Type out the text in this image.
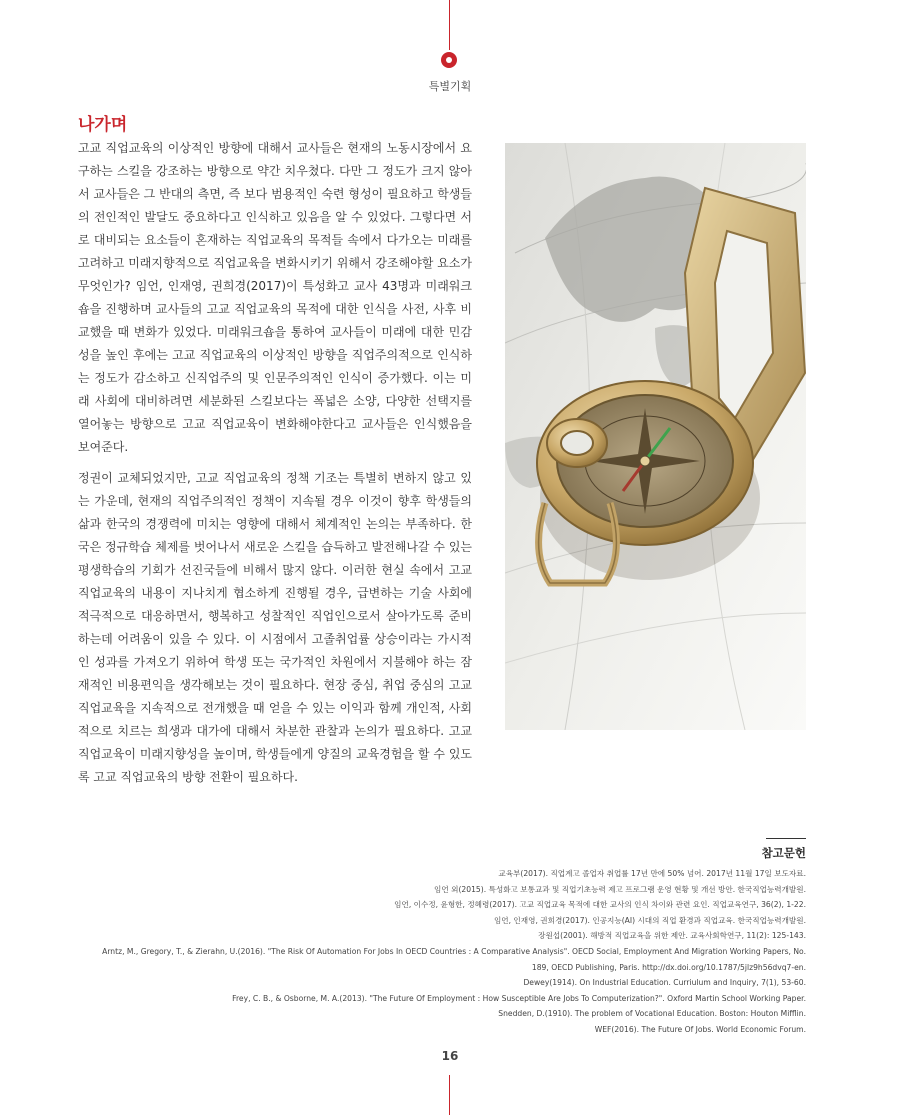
특별기획
나가며

고교 직업교육의 이상적인 방향에 대해서 교사들은 현재의 노동시장에서 요구하는 스킬을 강조하는 방향으로 약간 치우쳤다. 다만 그 정도가 크지 않아서 교사들은 그 반대의 측면, 즉 보다 범용적인 숙련 형성이 필요하고 학생들의 전인적인 발달도 중요하다고 인식하고 있음을 알 수 있었다. 그렇다면 서로 대비되는 요소들이 혼재하는 직업교육의 목적들 속에서 다가오는 미래를 고려하고 미래지향적으로 직업교육을 변화시키기 위해서 강조해야할 요소가 무엇인가? 임언, 인재영, 권희경(2017)이 특성화고 교사 43명과 미래워크숍을 진행하며 교사들의 고교 직업교육의 목적에 대한 인식을 사전, 사후 비교했을 때 변화가 있었다. 미래워크숍을 통하여 교사들이 미래에 대한 민감성을 높인 후에는 고교 직업교육의 이상적인 방향을 직업주의적으로 인식하는 정도가 감소하고 신직업주의 및 인문주의적인 인식이 증가했다. 이는 미래 사회에 대비하려면 세분화된 스킬보다는 폭넓은 소양, 다양한 선택지를 열어놓는 방향으로 고교 직업교육이 변화해야한다고 교사들은 인식했음을 보여준다.

정권이 교체되었지만, 고교 직업교육의 정책 기조는 특별히 변하지 않고 있는 가운데, 현재의 직업주의적인 정책이 지속될 경우 이것이 향후 학생들의 삶과 한국의 경쟁력에 미치는 영향에 대해서 체계적인 논의는 부족하다. 한국은 정규학습 체제를 벗어나서 새로운 스킬을 습득하고 발전해나갈 수 있는 평생학습의 기회가 선진국들에 비해서 많지 않다. 이러한 현실 속에서 고교 직업교육의 내용이 지나치게 협소하게 진행될 경우, 급변하는 기술 사회에 적극적으로 대응하면서, 행복하고 성찰적인 직업인으로서 살아가도록 준비하는데 어려움이 있을 수 있다. 이 시점에서 고졸취업률 상승이라는 가시적인 성과를 가져오기 위하여 학생 또는 국가적인 차원에서 지불해야 하는 잠재적인 비용편익을 생각해보는 것이 필요하다. 현장 중심, 취업 중심의 고교 직업교육을 지속적으로 전개했을 때 얻을 수 있는 이익과 함께 개인적, 사회적으로 치르는 희생과 대가에 대해서 차분한 관찰과 논의가 필요하다. 고교 직업교육이 미래지향성을 높이며, 학생들에게 양질의 교육경험을 할 수 있도록 고교 직업교육의 방향 전환이 필요하다.

참고문헌
교육부(2017). 직업계고 졸업자 취업률 17년 만에 50% 넘어. 2017년 11월 17일 보도자료.
임언 외(2015). 특성화고 보통교과 및 직업기초능력 제고 프로그램 운영 현황 및 개선 방안. 한국직업능력개발원.
임언, 이수정, 윤형한, 정혜령(2017). 고교 직업교육 목적에 대한 교사의 인식 차이와 관련 요인. 직업교육연구, 36(2), 1-22.
임언, 인재영, 권희경(2017). 인공지능(AI) 시대의 직업 환경과 직업교육. 한국직업능력개발원.
장원섭(2001). 해방적 직업교육을 위한 제안. 교육사회학연구, 11(2): 125-143.
Arntz, M., Gregory, T., & Zierahn, U.(2016). "The Risk Of Automation For Jobs In OECD Countries : A Comparative Analysis". OECD Social, Employment And Migration Working Papers, No.
189, OECD Publishing, Paris. http://dx.doi.org/10.1787/5jlz9h56dvq7-en.
Dewey(1914). On Industrial Education. Curriulum and Inquiry, 7(1), 53-60.
Frey, C. B., & Osborne, M. A.(2013). "The Future Of Employment : How Susceptible Are Jobs To Computerization?". Oxford Martin School Working Paper.
Snedden, D.(1910). The problem of Vocational Education. Boston: Houton Mifflin.
WEF(2016). The Future Of Jobs. World Economic Forum.
16
